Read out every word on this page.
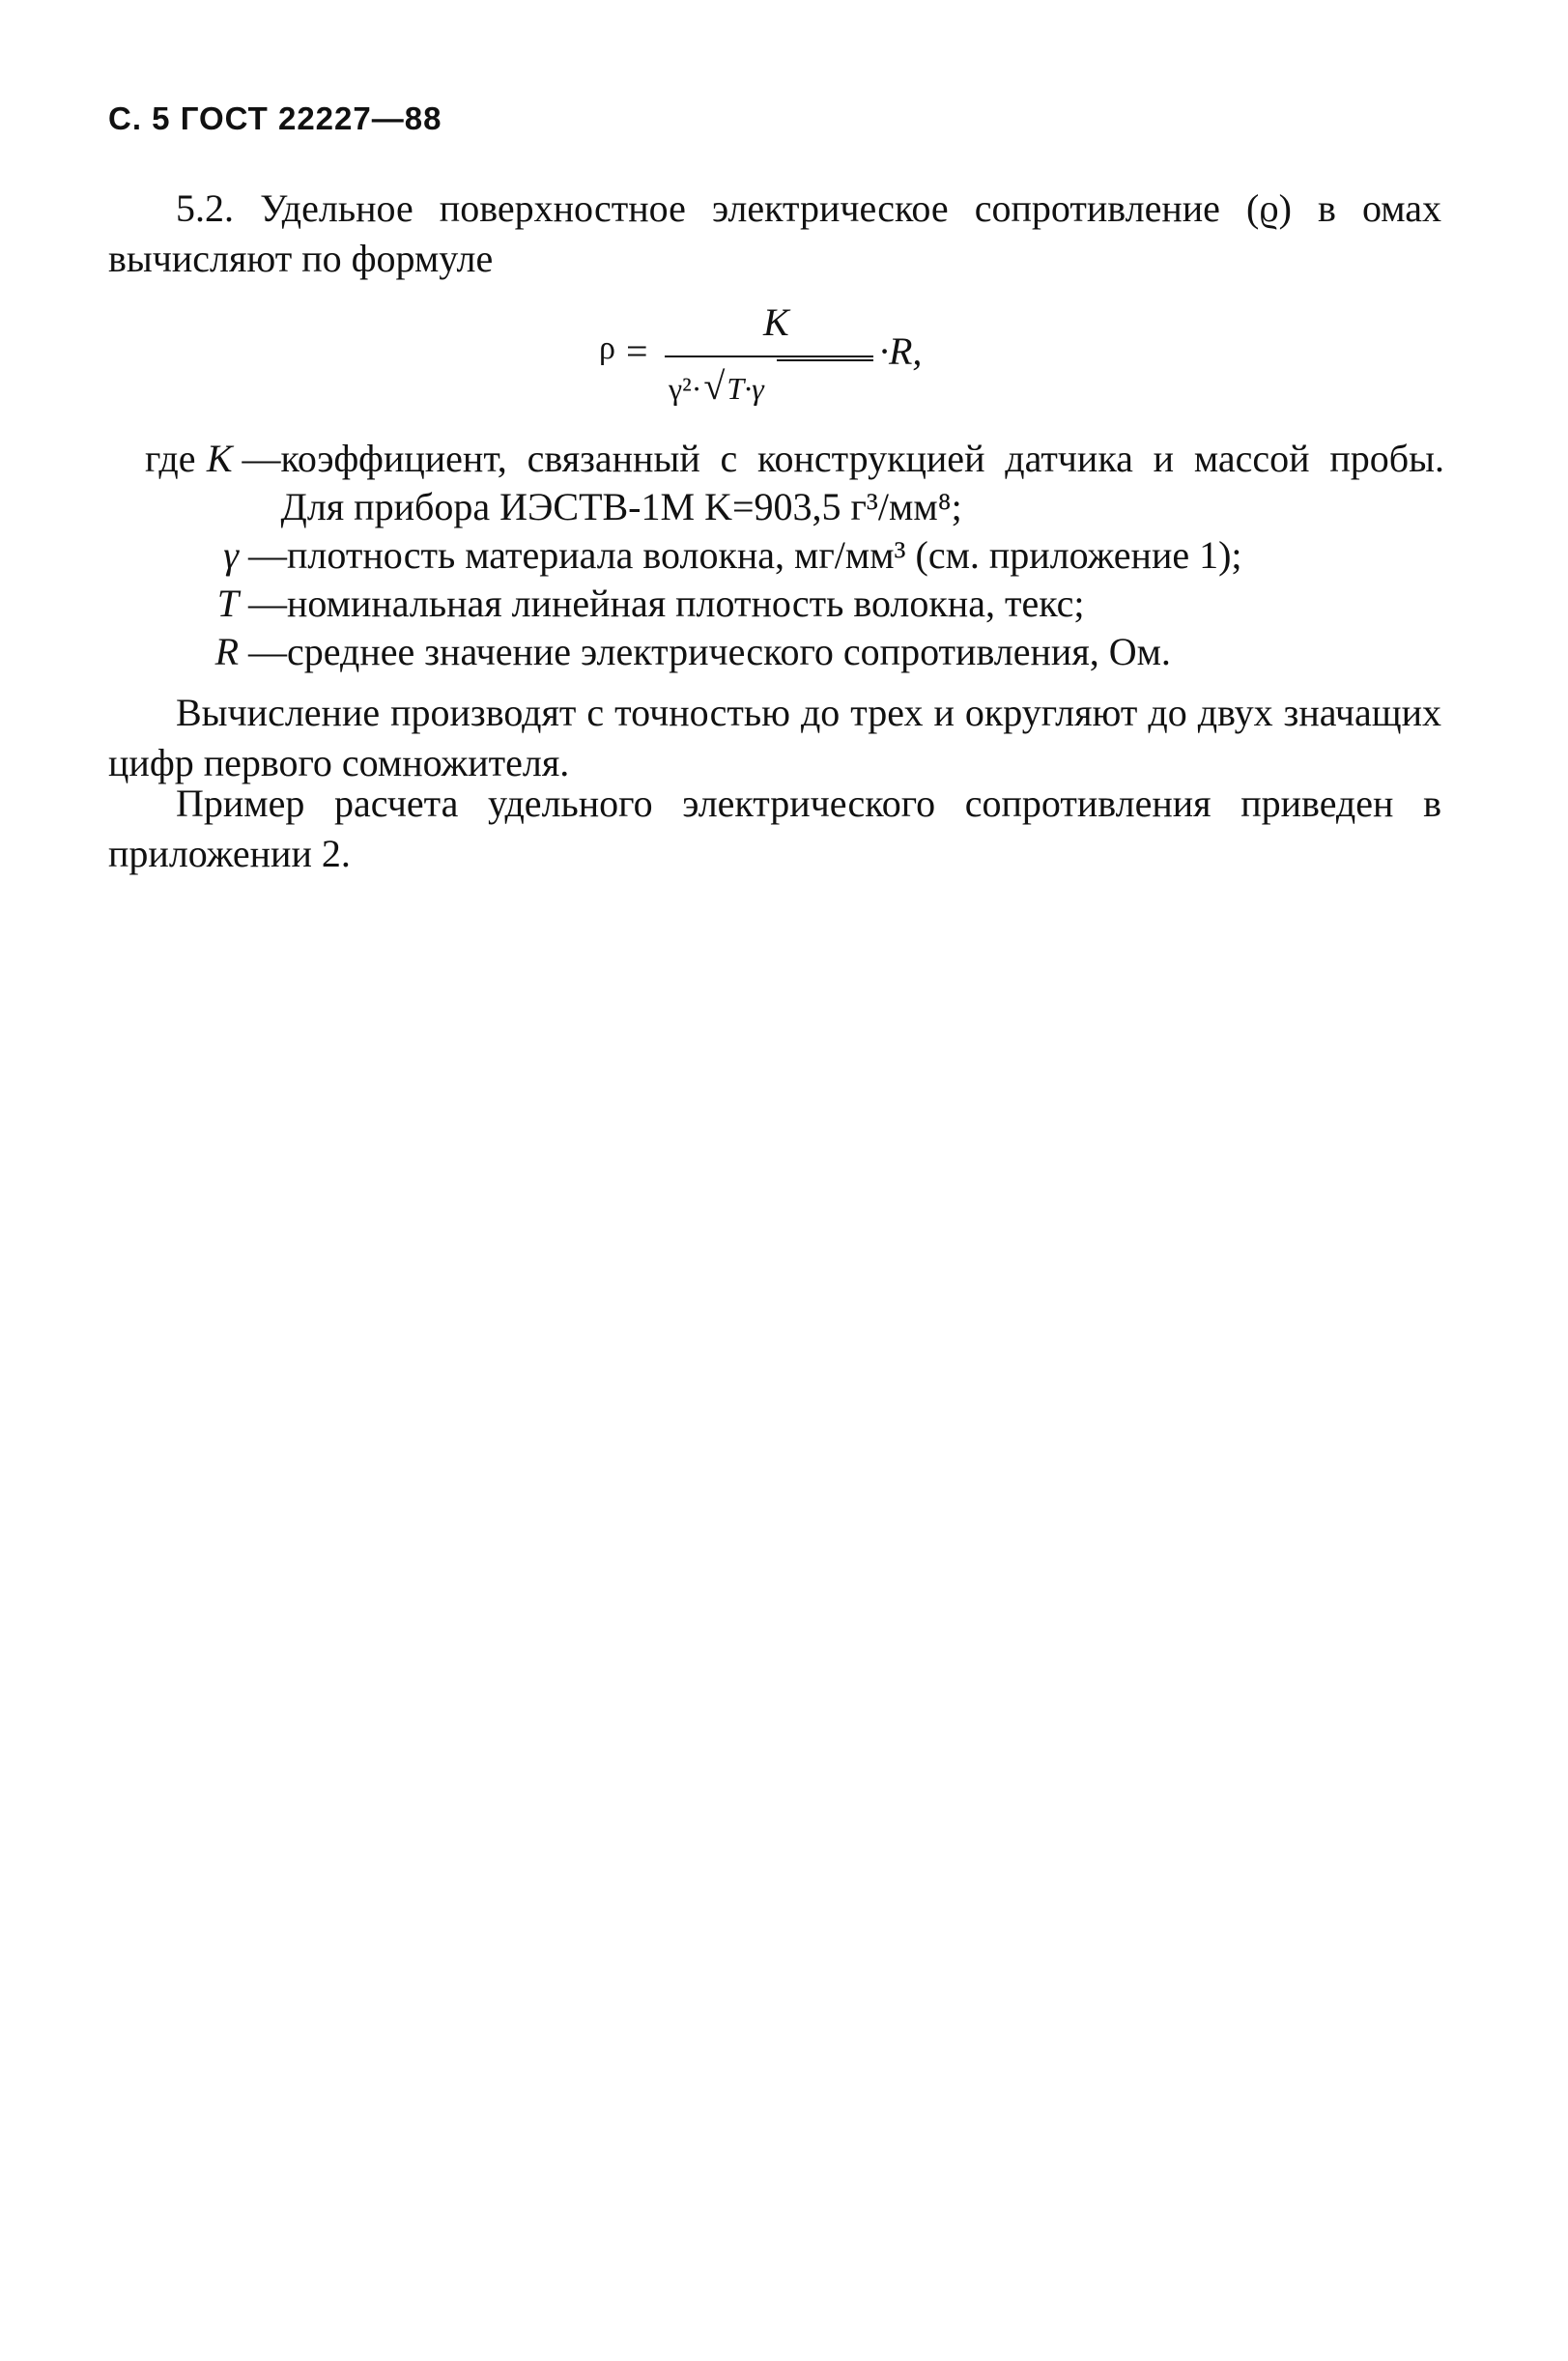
С. 5 ГОСТ 22227—88
5.2. Удельное поверхностное электрическое сопротивление (ϱ) в омах вычисляют по формуле
ρ =
K
γ²·√T·γ
·R,
где K — коэффициент, связанный с конструкцией датчика и массой пробы. Для прибора ИЭСТВ-1М K=903,5 г³/мм⁸;
γ — плотность материала волокна, мг/мм³ (см. приложение 1);
T — номинальная линейная плотность волокна, текс;
R — среднее значение электрического сопротивления, Ом.
Вычисление производят с точностью до трех и округляют до двух значащих цифр первого сомножителя.
Пример расчета удельного электрического сопротивления приведен в приложении 2.
